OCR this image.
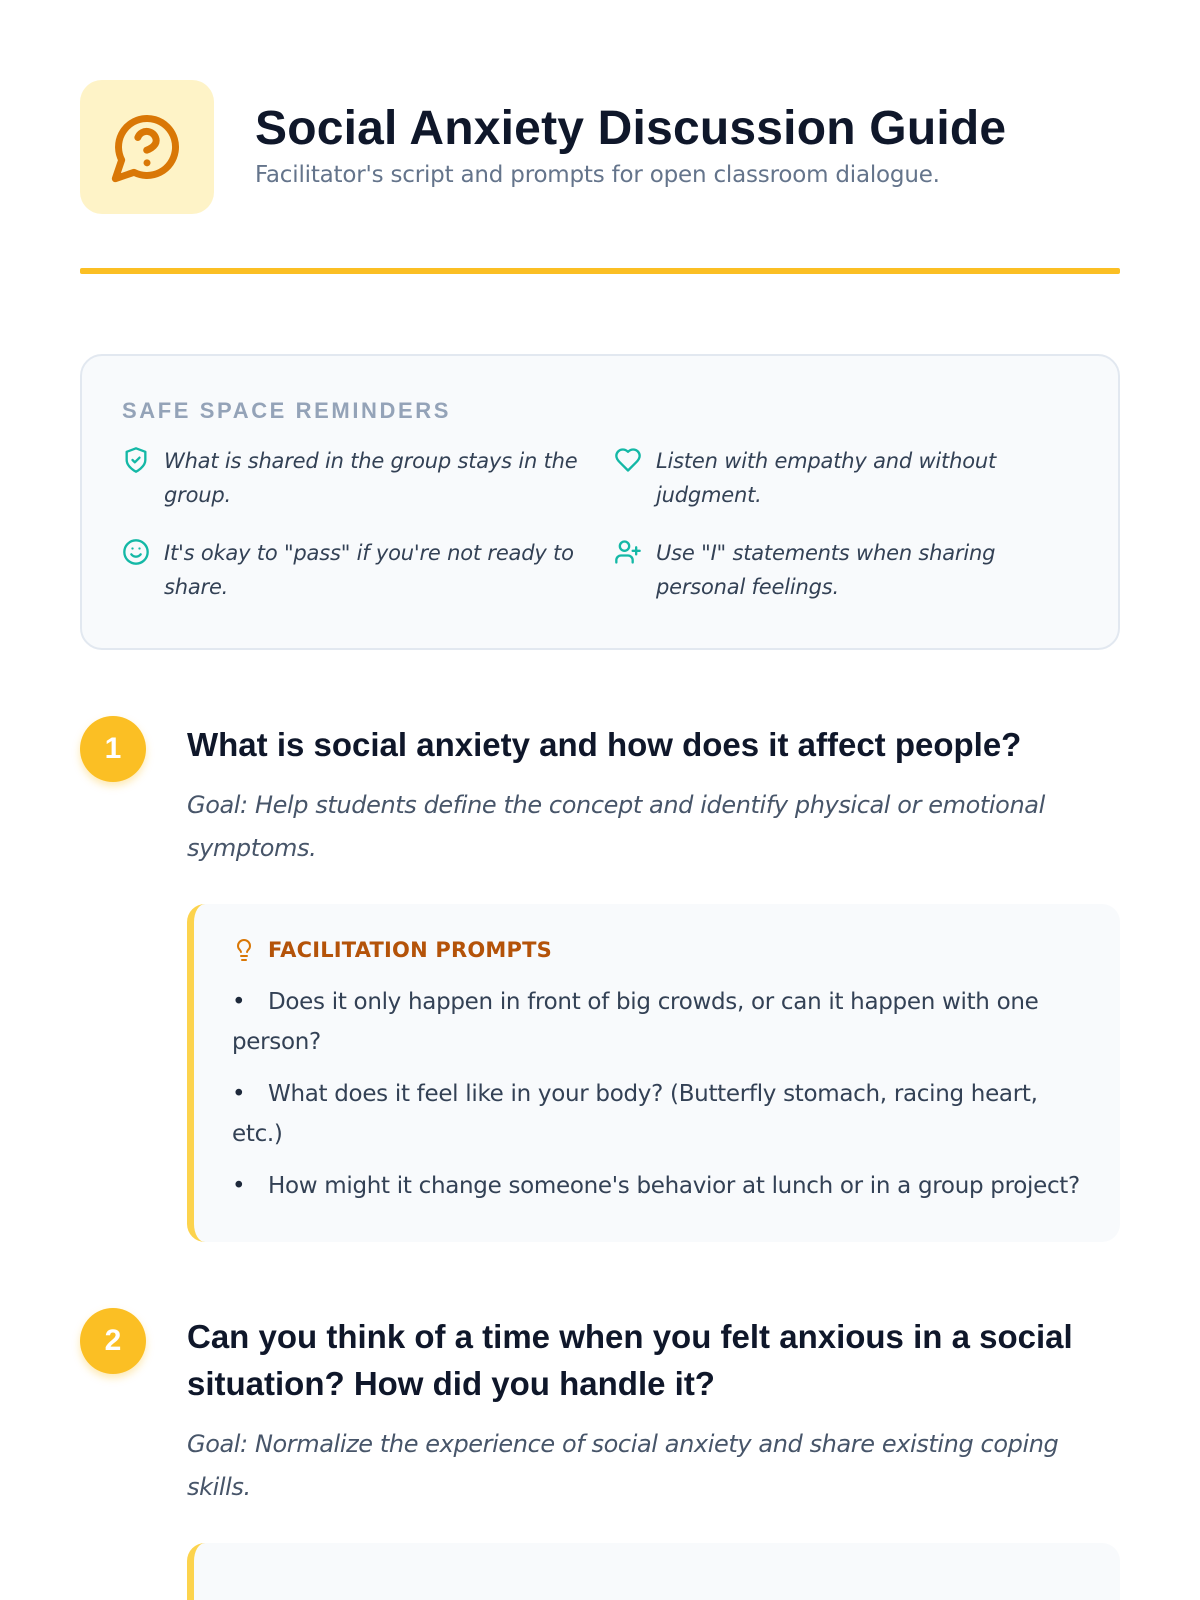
Social Anxiety Discussion Guide
Facilitator's script and prompts for open classroom dialogue.
SAFE SPACE REMINDERS
What is shared in the group stays in the group.
Listen with empathy and without judgment.
It's okay to "pass" if you're not ready to share.
Use "I" statements when sharing personal feelings.
1	What is social anxiety and how does it affect people?
Goal: Help students define the concept and identify physical or emotional symptoms.
FACILITATION PROMPTS
• Does it only happen in front of big crowds, or can it happen with one person?
• What does it feel like in your body? (Butterfly stomach, racing heart, etc.)
• How might it change someone's behavior at lunch or in a group project?
2	Can you think of a time when you felt anxious in a social situation? How did you handle it?
Goal: Normalize the experience of social anxiety and share existing coping skills.
